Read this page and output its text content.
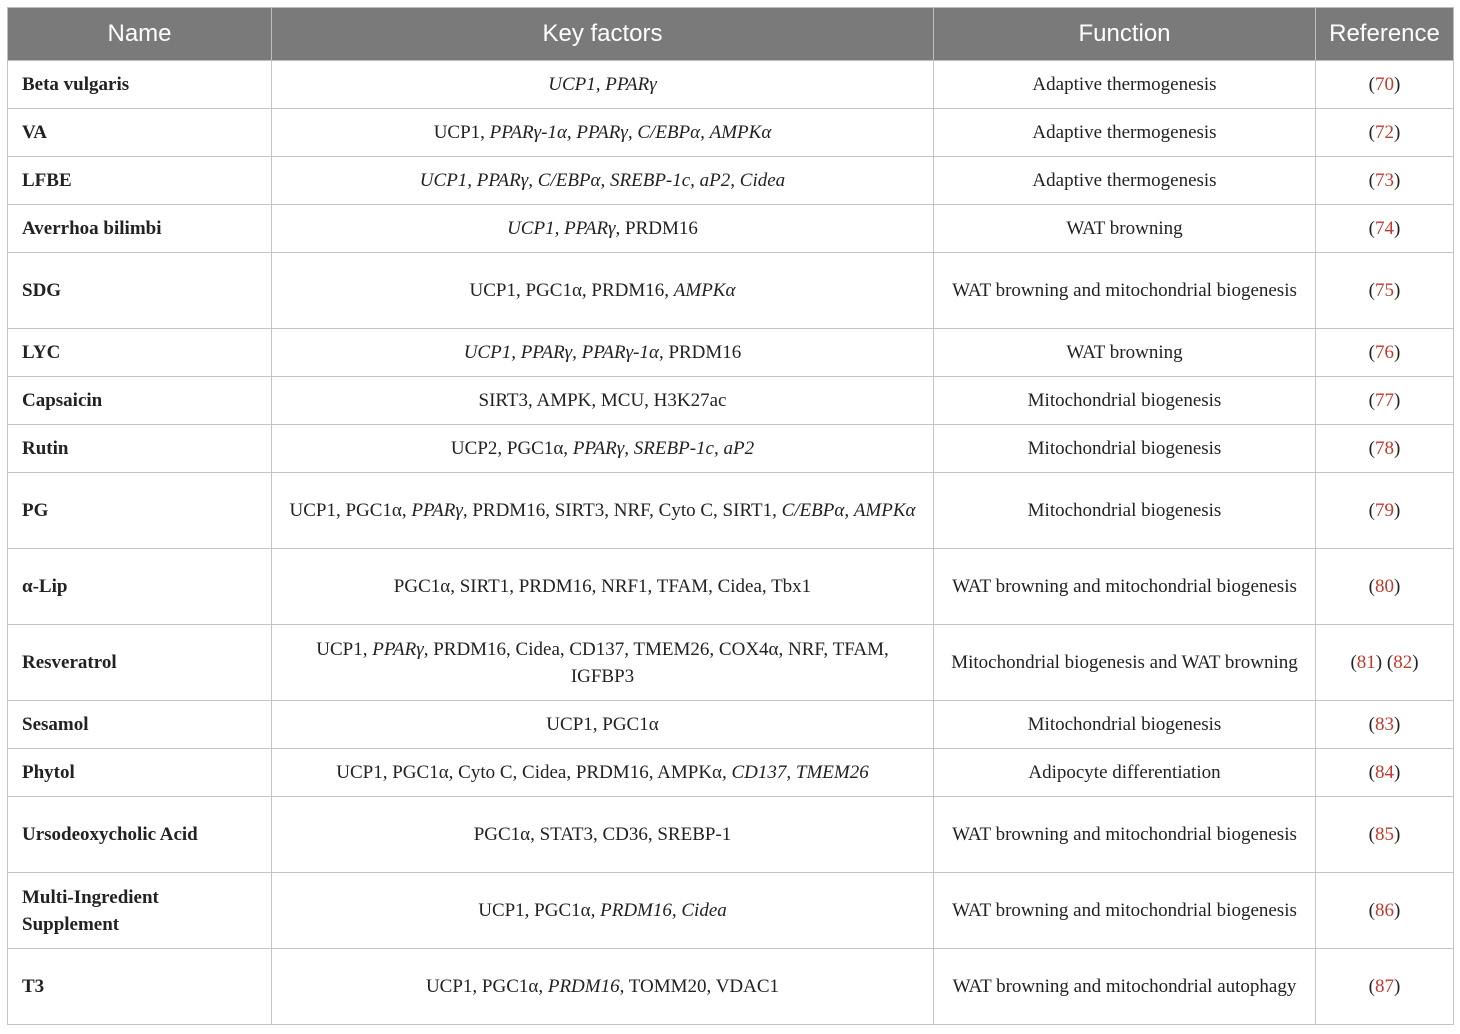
Name	Key factors	Function	Reference
Beta vulgaris	UCP1, PPARγ	Adaptive thermogenesis	(70)
VA	UCP1, PPARγ-1α, PPARγ, C/EBPα, AMPKα	Adaptive thermogenesis	(72)
LFBE	UCP1, PPARγ, C/EBPα, SREBP-1c, aP2, Cidea	Adaptive thermogenesis	(73)
Averrhoa bilimbi	UCP1, PPARγ, PRDM16	WAT browning	(74)
SDG	UCP1, PGC1α, PRDM16, AMPKα	WAT browning and mitochondrial biogenesis	(75)
LYC	UCP1, PPARγ, PPARγ-1α, PRDM16	WAT browning	(76)
Capsaicin	SIRT3, AMPK, MCU, H3K27ac	Mitochondrial biogenesis	(77)
Rutin	UCP2, PGC1α, PPARγ, SREBP-1c, aP2	Mitochondrial biogenesis	(78)
PG	UCP1, PGC1α, PPARγ, PRDM16, SIRT3, NRF, Cyto C, SIRT1, C/EBPα, AMPKα	Mitochondrial biogenesis	(79)
α-Lip	PGC1α, SIRT1, PRDM16, NRF1, TFAM, Cidea, Tbx1	WAT browning and mitochondrial biogenesis	(80)
Resveratrol	UCP1, PPARγ, PRDM16, Cidea, CD137, TMEM26, COX4α, NRF, TFAM, IGFBP3	Mitochondrial biogenesis and WAT browning	(81) (82)
Sesamol	UCP1, PGC1α	Mitochondrial biogenesis	(83)
Phytol	UCP1, PGC1α, Cyto C, Cidea, PRDM16, AMPKα, CD137, TMEM26	Adipocyte differentiation	(84)
Ursodeoxycholic Acid	PGC1α, STAT3, CD36, SREBP-1	WAT browning and mitochondrial biogenesis	(85)
Multi-Ingredient Supplement	UCP1, PGC1α, PRDM16, Cidea	WAT browning and mitochondrial biogenesis	(86)
T3	UCP1, PGC1α, PRDM16, TOMM20, VDAC1	WAT browning and mitochondrial autophagy	(87)
